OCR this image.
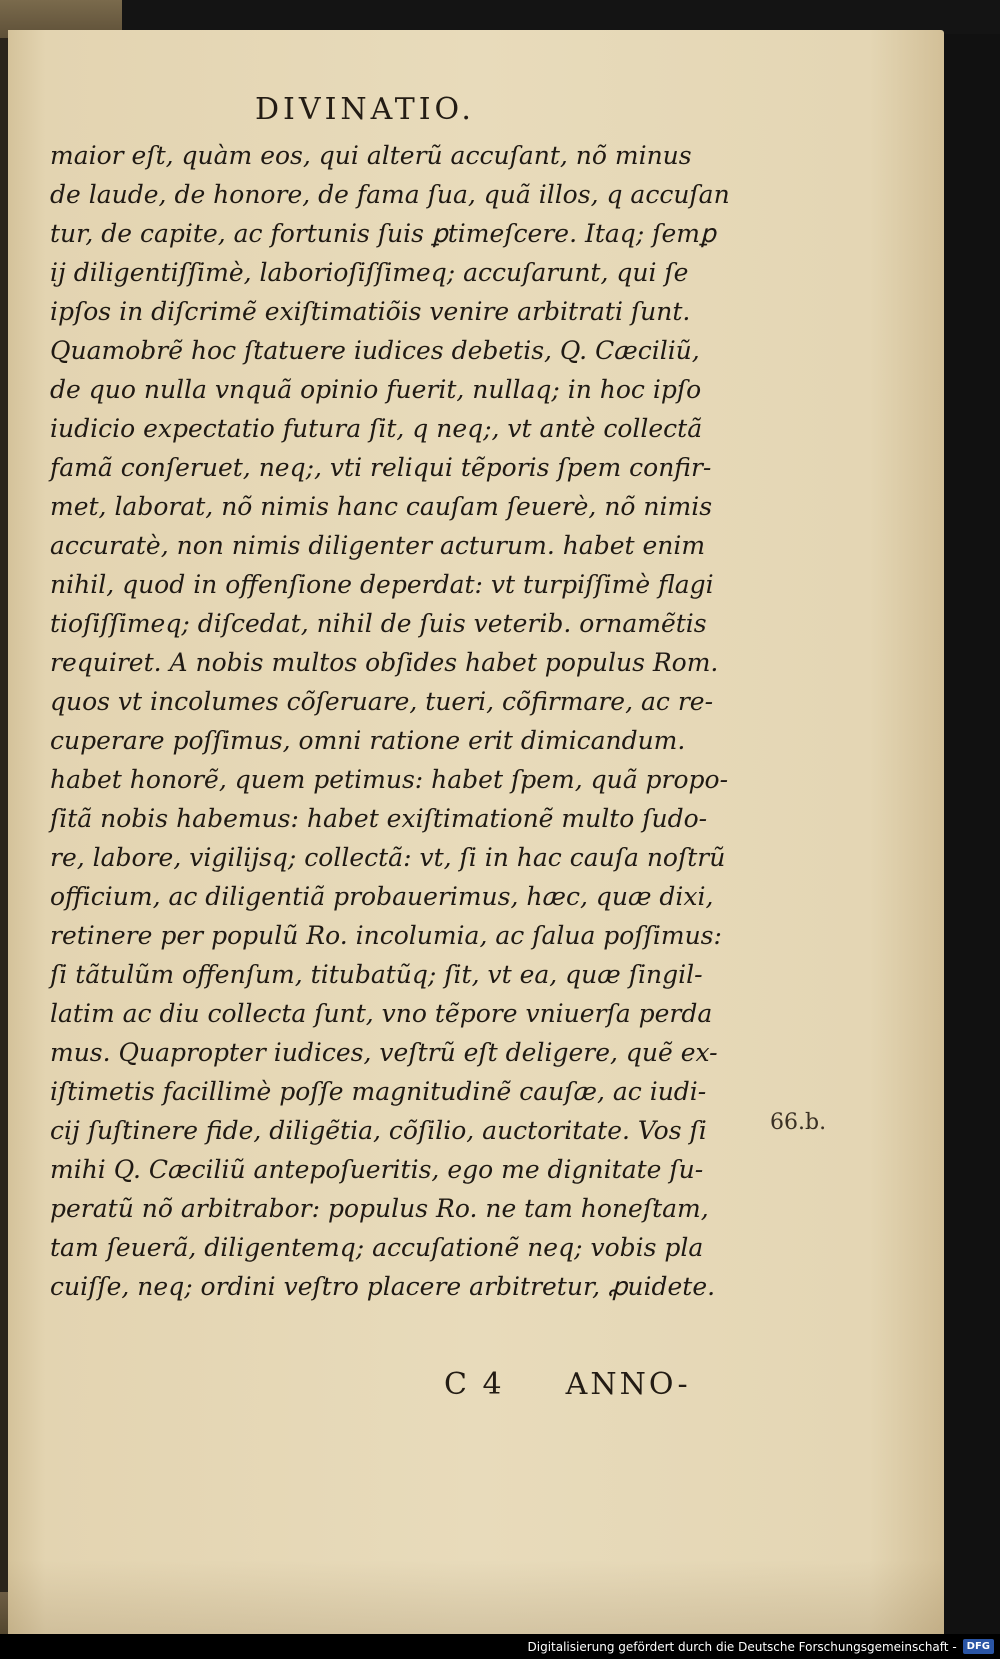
DIVINATIO.
maior eſt, quàm eos, qui alterũ accuſant, nõ minus
de laude, de honore, de fama ſua, quã illos, q accuſan
tur, de capite, ac fortunis ſuis ꝑtimeſcere. Itaq; ſemꝑ
ij diligentiſſimè, laborioſiſſimeq; accuſarunt, qui ſe
ipſos in diſcrimẽ exiſtimatiõis venire arbitrati ſunt.
Quamobrẽ hoc ſtatuere iudices debetis, Q. Cæciliũ,
de quo nulla vnquã opinio fuerit, nullaq; in hoc ipſo
iudicio expectatio futura ſit, q neq;, vt antè collectã
famã conſeruet, neq;, vti reliqui tẽporis ſpem confir-
met, laborat, nõ nimis hanc cauſam ſeuerè, nõ nimis
accuratè, non nimis diligenter acturum. habet enim
nihil, quod in offenſione deperdat: vt turpiſſimè flagi
tioſiſſimeq; diſcedat, nihil de ſuis veterib. ornamẽtis
requiret. A nobis multos obſides habet populus Rom.
quos vt incolumes cõſeruare, tueri, cõfirmare, ac re-
cuperare poſſimus, omni ratione erit dimicandum.
habet honorẽ, quem petimus: habet ſpem, quã propo-
ſitã nobis habemus: habet exiſtimationẽ multo ſudo-
re, labore, vigilijsq; collectã: vt, ſi in hac cauſa noſtrũ
officium, ac diligentiã probauerimus, hæc, quæ dixi,
retinere per populũ Ro. incolumia, ac ſalua poſſimus:
ſi tãtulũm offenſum, titubatũq; ſit, vt ea, quæ ſingil-
latim ac diu collecta ſunt, vno tẽpore vniuerſa perda
mus. Quapropter iudices, veſtrũ eſt deligere, quẽ ex-
iſtimetis facillimè poſſe magnitudinẽ cauſæ, ac iudi-
cij ſuſtinere fide, diligẽtia, cõſilio, auctoritate. Vos ſi
mihi Q. Cæciliũ antepoſueritis, ego me dignitate ſu-
peratũ nõ arbitrabor: populus Ro. ne tam honeſtam,
tam ſeuerã, diligentemq; accuſationẽ neq; vobis pla
cuiſſe, neq; ordini veſtro placere arbitretur, ꝓuidete.
66.b.
C 4 ANNO-
Digitalisierung gefördert durch die Deutsche Forschungsgemeinschaft -	DFG
